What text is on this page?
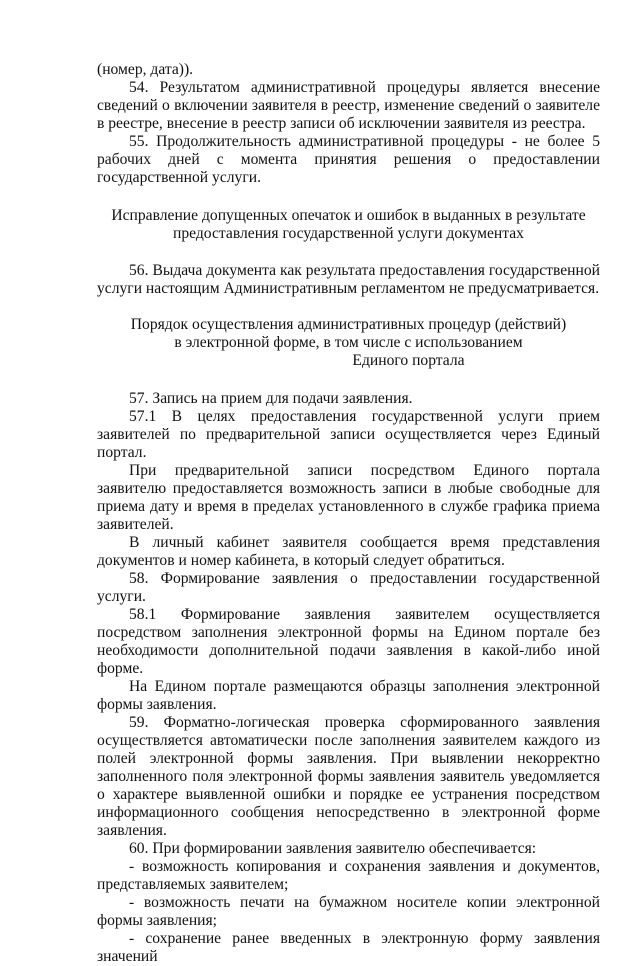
(номер, дата)).

54. Результатом административной процедуры является внесение сведений о включении заявителя в реестр, изменение сведений о заявителе в реестре, внесение в реестр записи об исключении заявителя из реестра.

55. Продолжительность административной процедуры - не более 5 рабочих дней с момента принятия решения о предоставлении государственной услуги.

Исправление допущенных опечаток и ошибок в выданных в результате
предоставления государственной услуги документах

56. Выдача документа как результата предоставления государственной услуги настоящим Административным регламентом не предусматривается.

Порядок осуществления административных процедур (действий)
в электронной форме, в том числе с использованием
Единого портала

57. Запись на прием для подачи заявления.

57.1 В целях предоставления государственной услуги прием заявителей по предварительной записи осуществляется через Единый портал.

При предварительной записи посредством Единого портала заявителю предоставляется возможность записи в любые свободные для приема дату и время в пределах установленного в службе графика приема заявителей.

В личный кабинет заявителя сообщается время представления документов и номер кабинета, в который следует обратиться.

58. Формирование заявления о предоставлении государственной услуги.

58.1 Формирование заявления заявителем осуществляется посредством заполнения электронной формы на Едином портале без необходимости дополнительной подачи заявления в какой-либо иной форме.

На Едином портале размещаются образцы заполнения электронной формы заявления.

59. Форматно-логическая проверка сформированного заявления осуществляется автоматически после заполнения заявителем каждого из полей электронной формы заявления. При выявлении некорректно заполненного поля электронной формы заявления заявитель уведомляется о характере выявленной ошибки и порядке ее устранения посредством информационного сообщения непосредственно в электронной форме заявления.

60. При формировании заявления заявителю обеспечивается:

- возможность копирования и сохранения заявления и документов, представляемых заявителем;

- возможность печати на бумажном носителе копии электронной формы заявления;

- сохранение ранее введенных в электронную форму заявления значений
